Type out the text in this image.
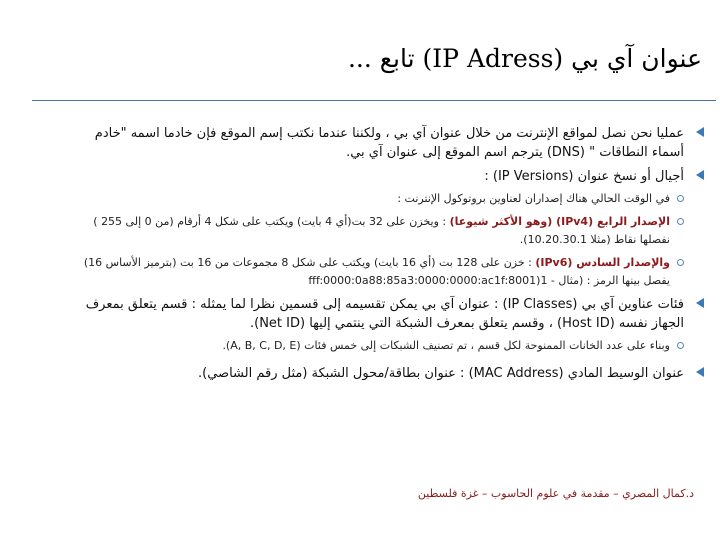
عنوان آي بي (IP Adress) تابع ...
عمليا نحن نصل لمواقع الإنترنت من خلال عنوان آي بي ، ولكننا عندما نكتب إسم الموقع فإن خادما اسمه "خادم
أسماء النطاقات " (DNS) يترجم اسم الموقع إلى عنوان آي بي.
أجيال أو نسخ عنوان (IP Versions) :
في الوقت الحالي هناك إصداران لعناوين بروتوكول الإنترنت :
الإصدار الرابع (IPv4) (وهو الأكثر شيوعا) : ويخزن على 32 بت(أي 4 بايت) ويكتب على شكل 4 أرقام (من 0 إلى 255 )
نفصلها نقاط (مثلا 10.20.30.1).
والإصدار السادس (IPv6) : خزن على 128 بت (أي 16 بايت) ويكتب على شكل 8 مجموعات من 16 بت (بترميز الأساس 16)
يفصل بينها الرمز : (مثال - fff:0000:0a88:85a3:0000:0000:ac1f:8001)1
فئات عناوين آي بي (IP Classes) : عنوان آي بي يمكن تقسيمه إلى قسمين نظرا لما يمثله : قسم يتعلق بمعرف
الجهاز نفسه (Host ID) ، وقسم يتعلق بمعرف الشبكة التي ينتمي إليها (Net ID).
وبناء على عدد الخانات الممنوحة لكل قسم ، تم تصنيف الشبكات إلى خمس فئات (A, B, C, D, E).
عنوان الوسيط المادي (MAC Address) : عنوان بطاقة/محول الشبكة (مثل رقم الشاصي).
د.كمال المصري – مقدمة في علوم الحاسوب – غزة فلسطين
